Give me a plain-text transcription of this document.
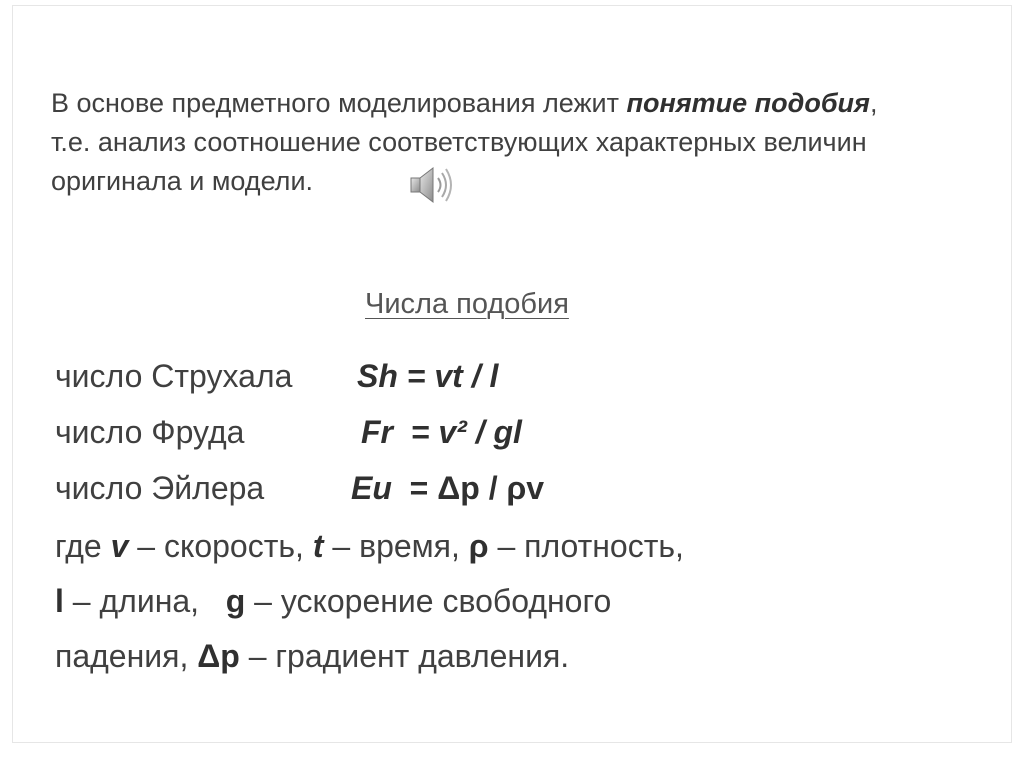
В основе предметного моделирования лежит понятие подобия,
т.е. анализ соотношение соответствующих характерных величин
оригинала и модели.
Числа подобия
число Струхала Sh = vt / l
число Фруда	Fr  = v² / gl
число Эйлера	Eu  = Δp / ρv
где v – скорость, t – время, ρ – плотность,
l – длина,   g – ускорение свободного
падения, Δp – градиент давления.
